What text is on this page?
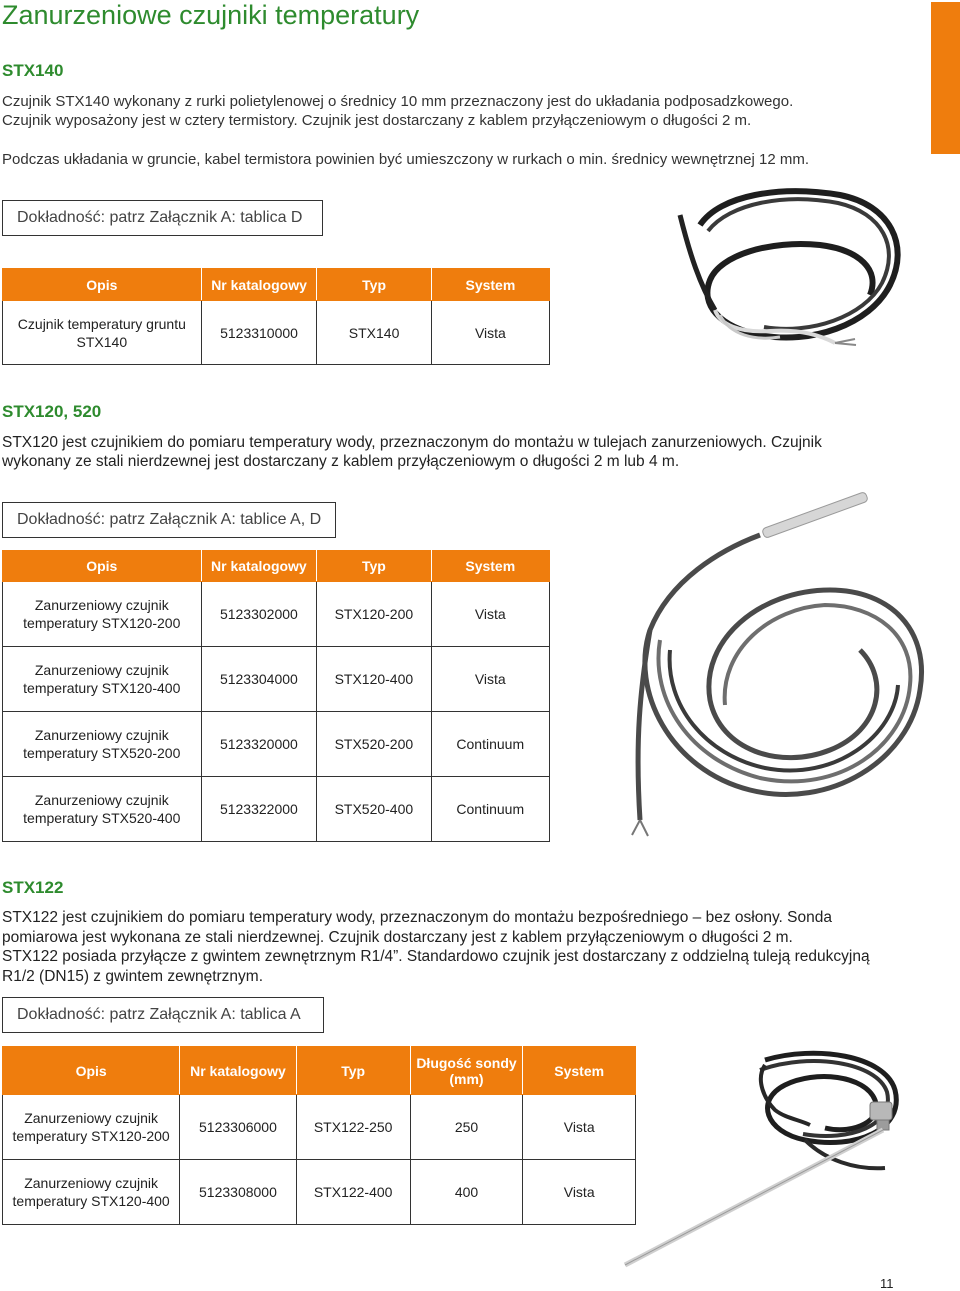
Zanurzeniowe czujniki temperatury
STX140
Czujnik STX140 wykonany z rurki polietylenowej o średnicy 10 mm przeznaczony jest do układania podposadzkowego.
Czujnik wyposażony jest w cztery termistory. Czujnik jest dostarczany z kablem przyłączeniowym o długości 2 m.
Podczas układania w gruncie, kabel termistora powinien być umieszczony w rurkach o min. średnicy wewnętrznej 12 mm.
Dokładność: patrz Załącznik A: tablica D
Opis	Nr katalogowy	Typ	System
Czujnik temperatury gruntu STX140	5123310000	STX140	Vista
STX120, 520
STX120 jest czujnikiem do pomiaru temperatury wody, przeznaczonym do montażu w tulejach zanurzeniowych. Czujnik
wykonany ze stali nierdzewnej jest dostarczany z kablem przyłączeniowym o długości 2 m lub 4 m.
Dokładność: patrz Załącznik A: tablice A, D
Opis	Nr katalogowy	Typ	System
Zanurzeniowy czujnik temperatury STX120-200	5123302000	STX120-200	Vista
Zanurzeniowy czujnik temperatury STX120-400	5123304000	STX120-400	Vista
Zanurzeniowy czujnik temperatury STX520-200	5123320000	STX520-200	Continuum
Zanurzeniowy czujnik temperatury STX520-400	5123322000	STX520-400	Continuum
STX122
STX122 jest czujnikiem do pomiaru temperatury wody, przeznaczonym do montażu bezpośredniego – bez osłony. Sonda
pomiarowa jest wykonana ze stali nierdzewnej. Czujnik dostarczany jest z kablem przyłączeniowym o długości 2 m.
STX122 posiada przyłącze z gwintem zewnętrznym R1/4”. Standardowo czujnik jest dostarczany z oddzielną tuleją redukcyjną
R1/2 (DN15) z gwintem zewnętrznym.
Dokładność: patrz Załącznik A: tablica A
Opis	Nr katalogowy	Typ	Długość sondy (mm)	System
Zanurzeniowy czujnik temperatury STX120-200	5123306000	STX122-250	250	Vista
Zanurzeniowy czujnik temperatury STX120-400	5123308000	STX122-400	400	Vista
11
